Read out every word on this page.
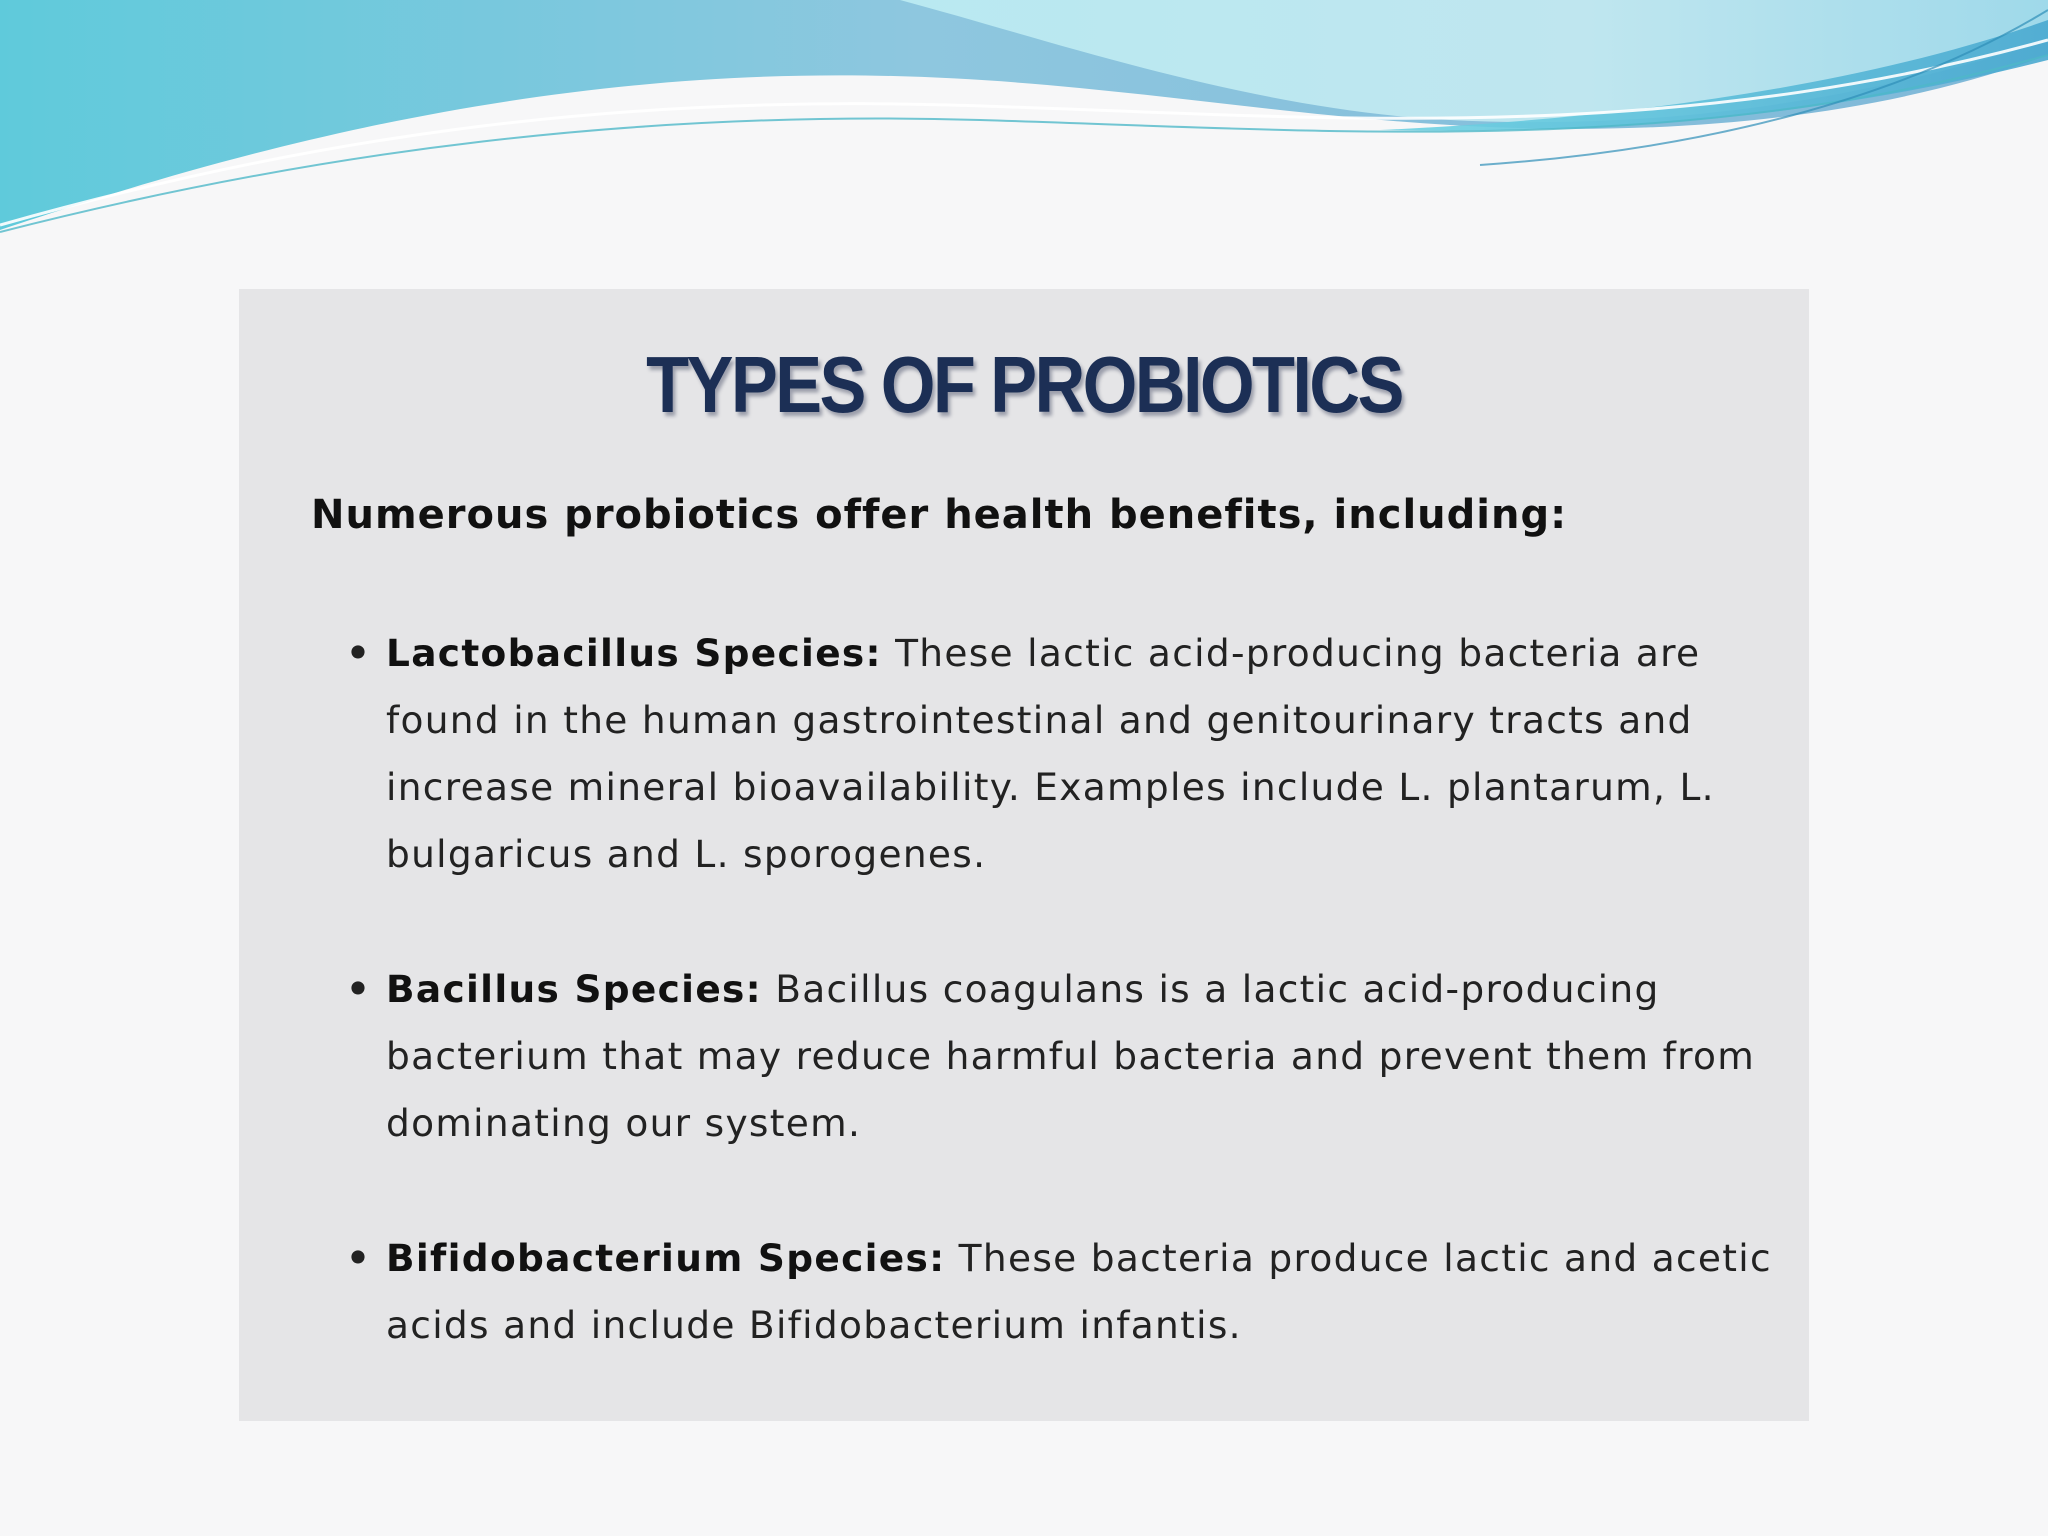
TYPES OF PROBIOTICS

Numerous probiotics offer health benefits, including:

• Lactobacillus Species: These lactic acid-producing bacteria are found in the human gastrointestinal and genitourinary tracts and increase mineral bioavailability. Examples include L. plantarum, L. bulgaricus and L. sporogenes.
• Bacillus Species: Bacillus coagulans is a lactic acid-producing bacterium that may reduce harmful bacteria and prevent them from dominating our system.
• Bifidobacterium Species: These bacteria produce lactic and acetic acids and include Bifidobacterium infantis.
